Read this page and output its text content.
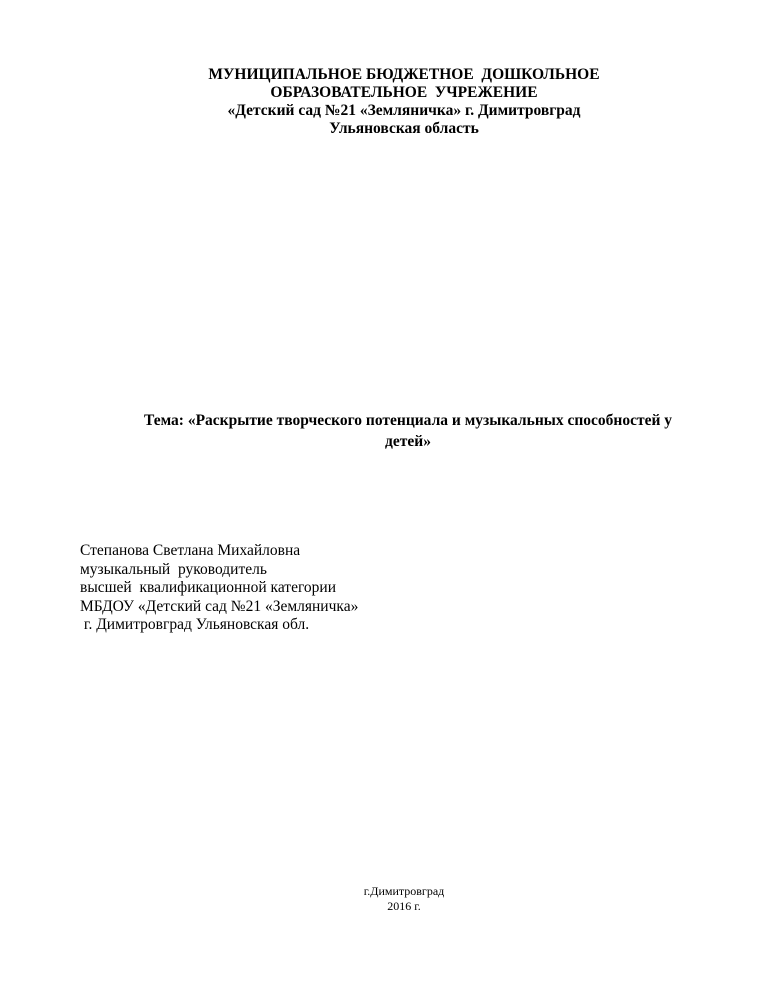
МУНИЦИПАЛЬНОЕ БЮДЖЕТНОЕ  ДОШКОЛЬНОЕ
ОБРАЗОВАТЕЛЬНОЕ  УЧРЕЖЕНИЕ
«Детский сад №21 «Земляничка» г. Димитровград
Ульяновская область
Тема: «Раскрытие творческого потенциала и музыкальных способностей у
детей»
Степанова Светлана Михайловна
музыкальный  руководитель
высшей  квалификационной категории
МБДОУ «Детский сад №21 «Земляничка»
г. Димитровград Ульяновская обл.
г.Димитровград
2016 г.
